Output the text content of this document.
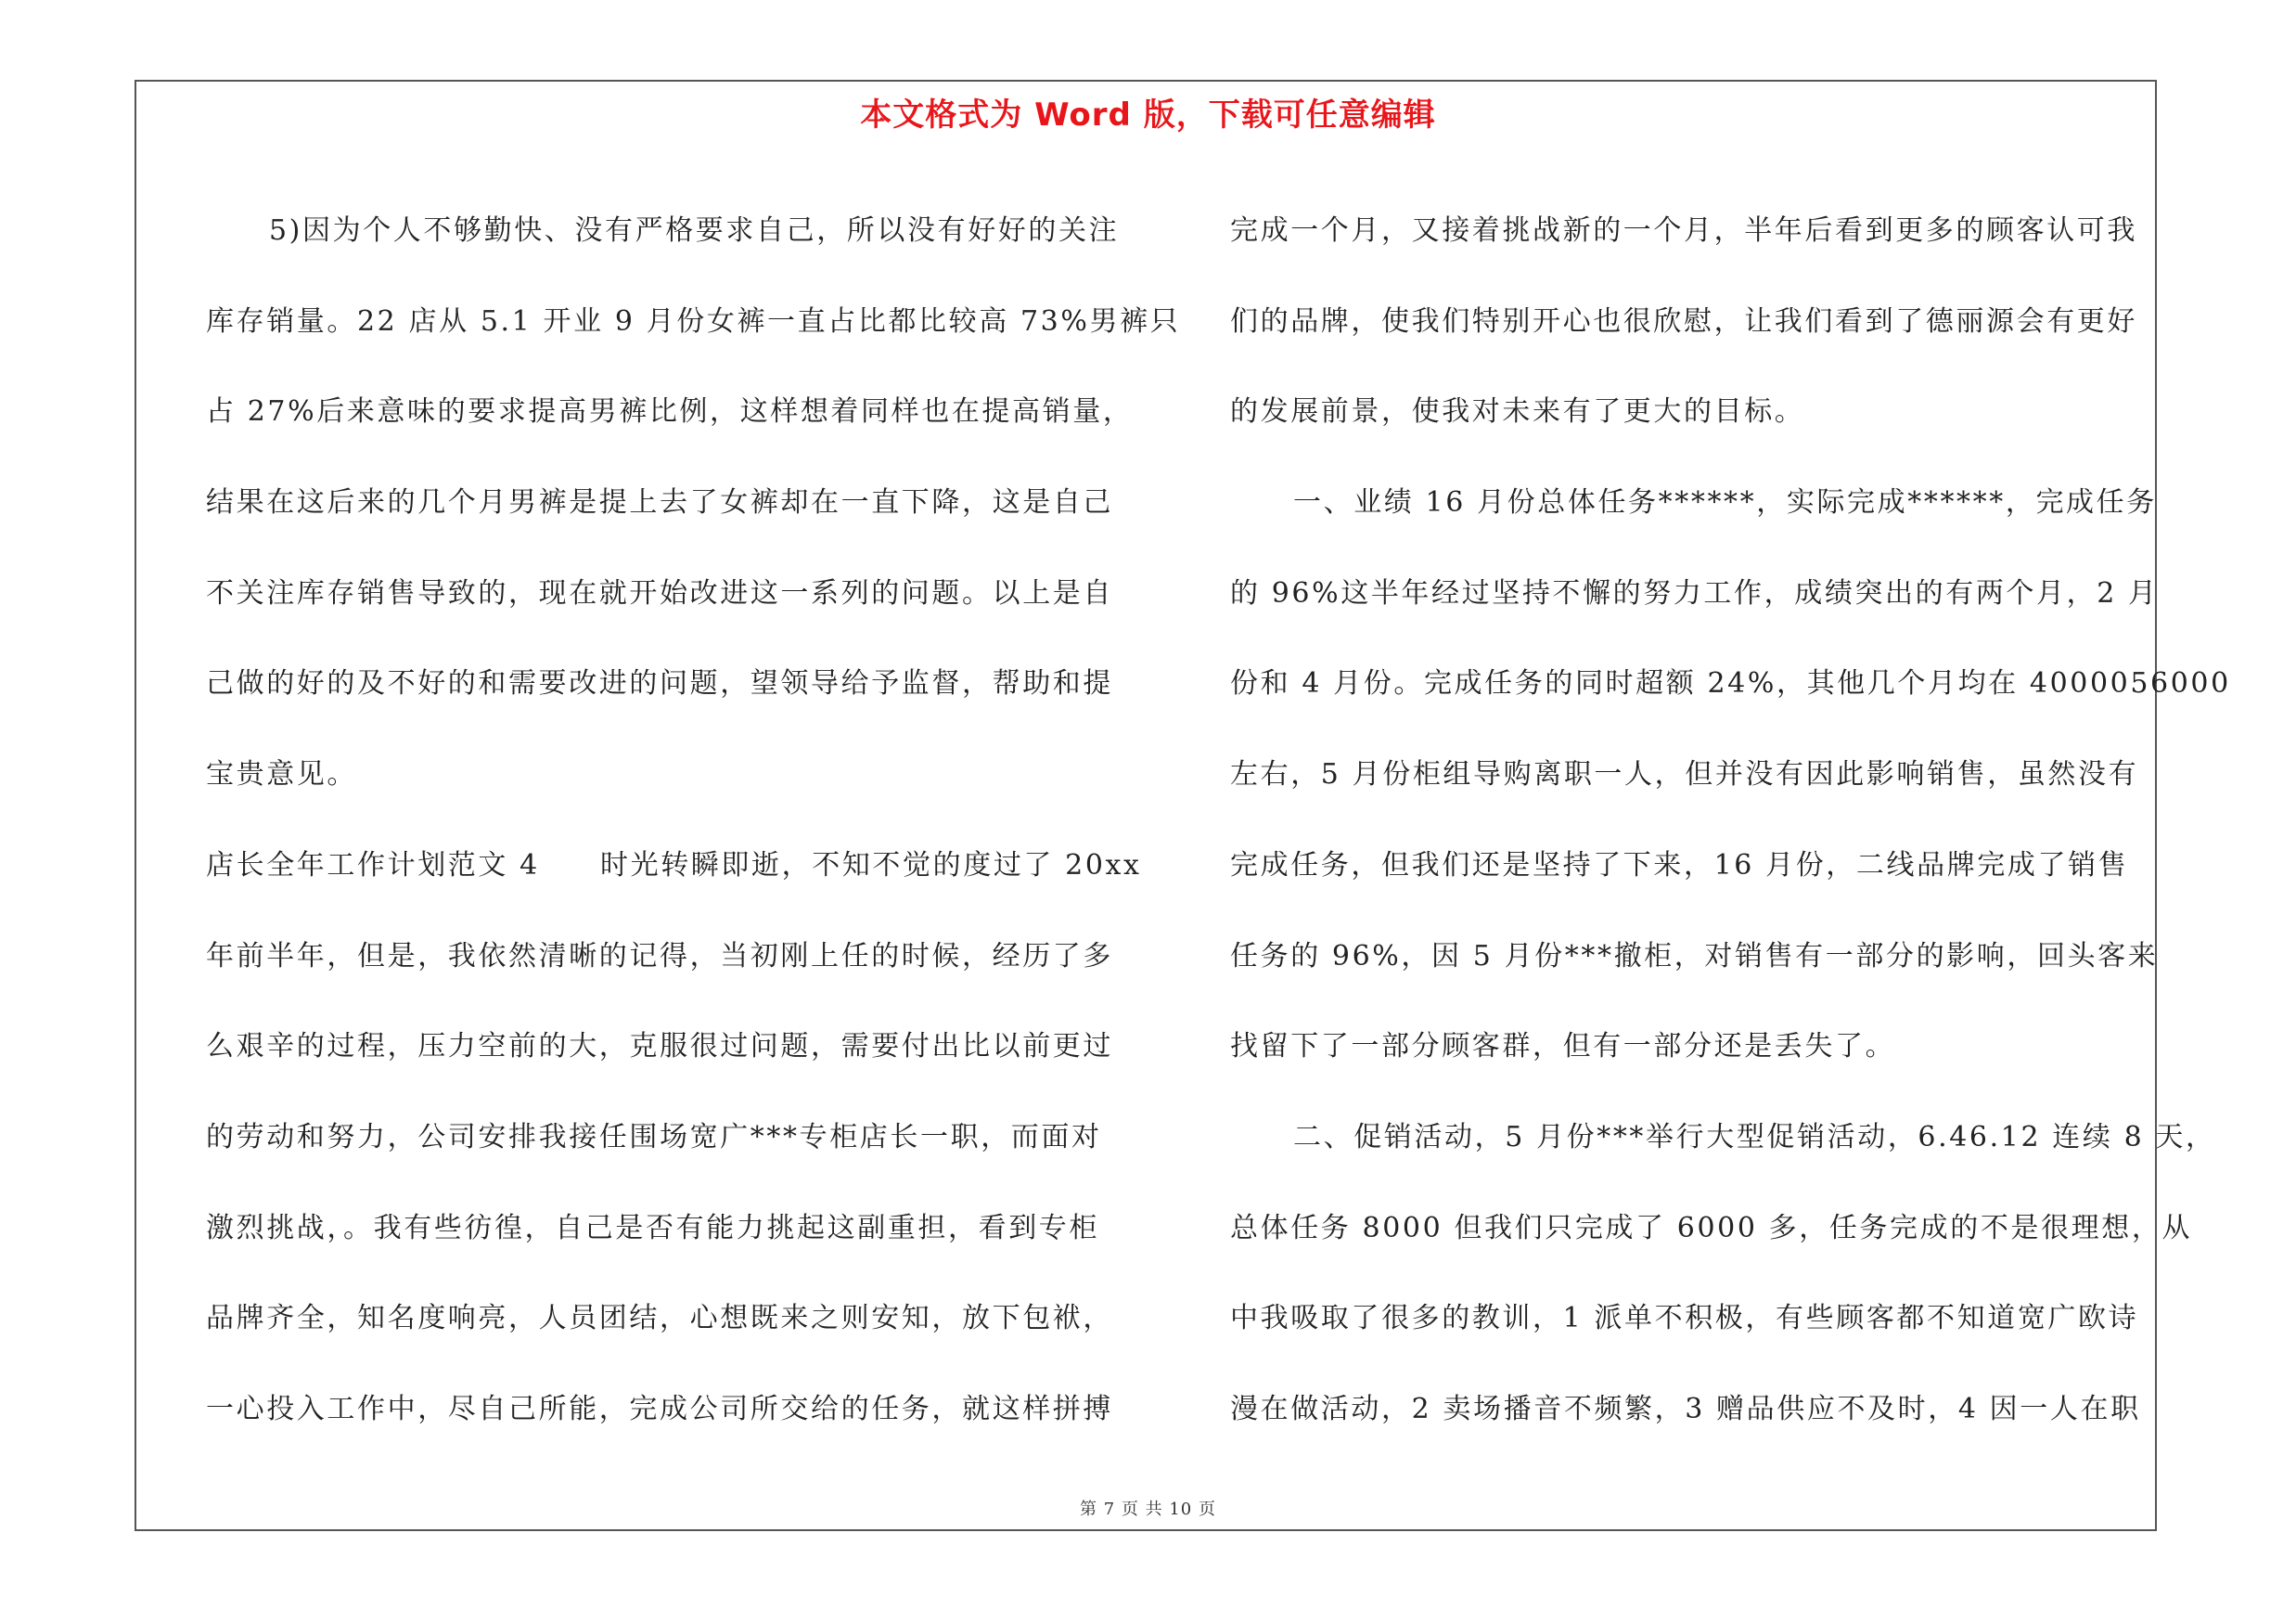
本文格式为 Word 版，下载可任意编辑
5)因为个人不够勤快、没有严格要求自己，所以没有好好的关注
库存销量。22 店从 5.1 开业 9 月份女裤一直占比都比较高 73%男裤只
占 27%后来意味的要求提高男裤比例，这样想着同样也在提高销量，
结果在这后来的几个月男裤是提上去了女裤却在一直下降，这是自己
不关注库存销售导致的，现在就开始改进这一系列的问题。以上是自
己做的好的及不好的和需要改进的问题，望领导给予监督，帮助和提
宝贵意见。
店长全年工作计划范文 4　　时光转瞬即逝，不知不觉的度过了 20xx
年前半年，但是，我依然清晰的记得，当初刚上任的时候，经历了多
么艰辛的过程，压力空前的大，克服很过问题，需要付出比以前更过
的劳动和努力，公司安排我接任围场宽广***专柜店长一职，而面对
激烈挑战，。我有些彷徨，自己是否有能力挑起这副重担，看到专柜
品牌齐全，知名度响亮，人员团结，心想既来之则安知，放下包袱，
一心投入工作中，尽自己所能，完成公司所交给的任务，就这样拼搏
完成一个月，又接着挑战新的一个月，半年后看到更多的顾客认可我
们的品牌，使我们特别开心也很欣慰，让我们看到了德丽源会有更好
的发展前景，使我对未来有了更大的目标。
一、业绩 16 月份总体任务******，实际完成******，完成任务
的 96%这半年经过坚持不懈的努力工作，成绩突出的有两个月，2 月
份和 4 月份。完成任务的同时超额 24%，其他几个月均在 4000056000
左右，5 月份柜组导购离职一人，但并没有因此影响销售，虽然没有
完成任务，但我们还是坚持了下来，16 月份，二线品牌完成了销售
任务的 96%，因 5 月份***撤柜，对销售有一部分的影响，回头客来
找留下了一部分顾客群，但有一部分还是丢失了。
二、促销活动，5 月份***举行大型促销活动，6.46.12 连续 8 天，
总体任务 8000 但我们只完成了 6000 多，任务完成的不是很理想，从
中我吸取了很多的教训，1 派单不积极，有些顾客都不知道宽广欧诗
漫在做活动，2 卖场播音不频繁，3 赠品供应不及时，4 因一人在职
第 7 页 共 10 页
